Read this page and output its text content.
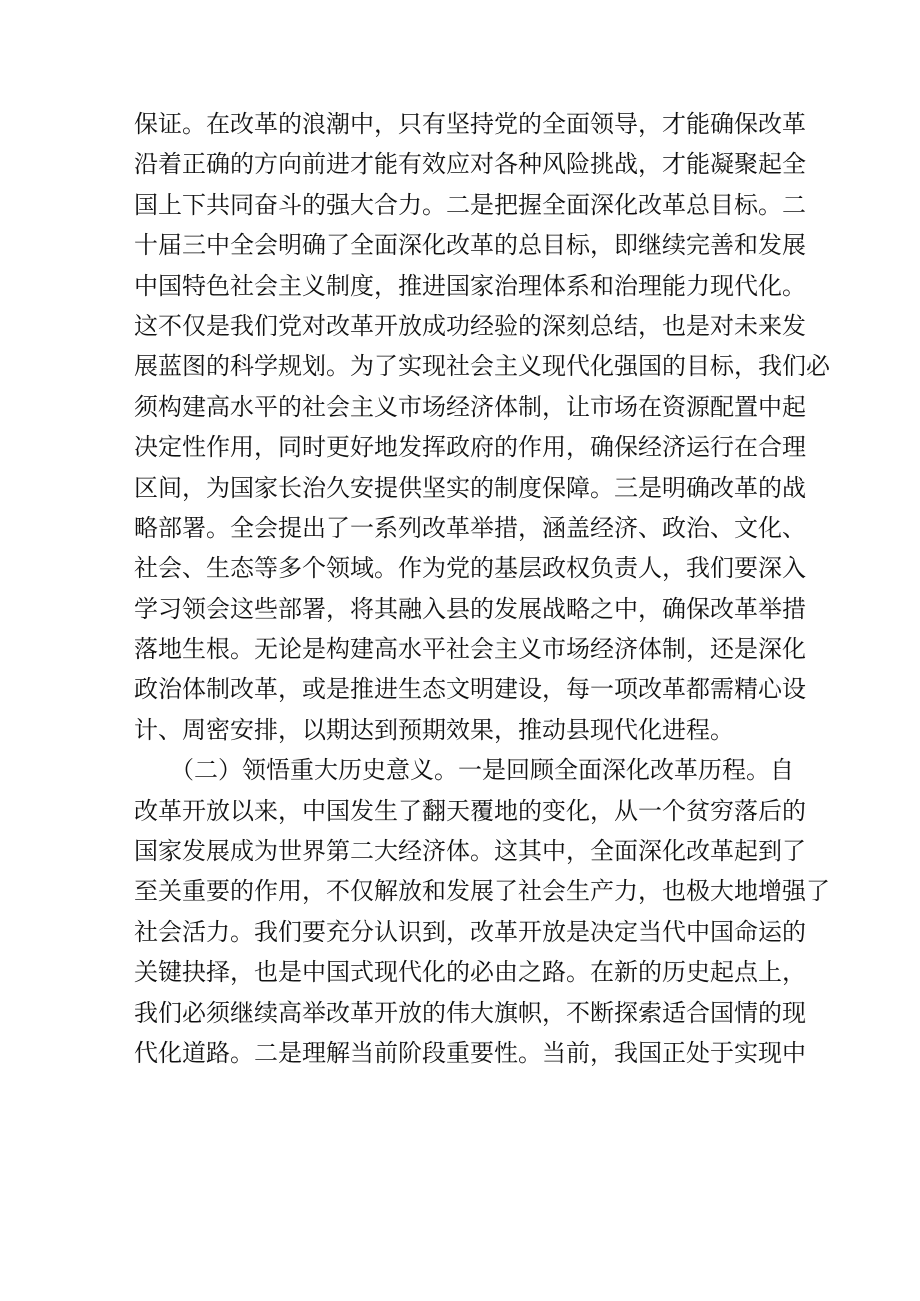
保证。在改革的浪潮中，只有坚持党的全面领导，才能确保改革
沿着正确的方向前进才能有效应对各种风险挑战，才能凝聚起全
国上下共同奋斗的强大合力。二是把握全面深化改革总目标。二
十届三中全会明确了全面深化改革的总目标，即继续完善和发展
中国特色社会主义制度，推进国家治理体系和治理能力现代化。
这不仅是我们党对改革开放成功经验的深刻总结，也是对未来发
展蓝图的科学规划。为了实现社会主义现代化强国的目标，我们必
须构建高水平的社会主义市场经济体制，让市场在资源配置中起
决定性作用，同时更好地发挥政府的作用，确保经济运行在合理
区间，为国家长治久安提供坚实的制度保障。三是明确改革的战
略部署。全会提出了一系列改革举措，涵盖经济、政治、文化、
社会、生态等多个领域。作为党的基层政权负责人，我们要深入
学习领会这些部署，将其融入县的发展战略之中，确保改革举措
落地生根。无论是构建高水平社会主义市场经济体制，还是深化
政治体制改革，或是推进生态文明建设，每一项改革都需精心设
计、周密安排，以期达到预期效果，推动县现代化进程。
　　（二）领悟重大历史意义。一是回顾全面深化改革历程。自
改革开放以来，中国发生了翻天覆地的变化，从一个贫穷落后的
国家发展成为世界第二大经济体。这其中，全面深化改革起到了
至关重要的作用，不仅解放和发展了社会生产力，也极大地增强了
社会活力。我们要充分认识到，改革开放是决定当代中国命运的
关键抉择，也是中国式现代化的必由之路。在新的历史起点上，
我们必须继续高举改革开放的伟大旗帜，不断探索适合国情的现
代化道路。二是理解当前阶段重要性。当前，我国正处于实现中
